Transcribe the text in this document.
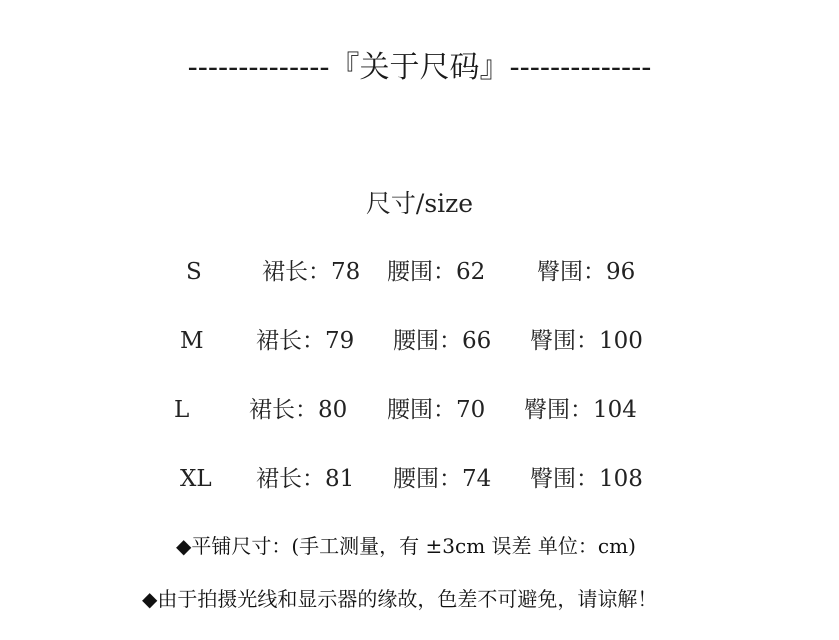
--------------『关于尺码』--------------
尺寸/size
S	裙长：78 腰围：62 臀围：96
M 裙长：79 腰围：66 臀围：100
L	裙长：80 腰围：70 臀围：104
XL 裙长：81 腰围：74 臀围：108
◆平铺尺寸：(手工测量，有 ±3cm 误差 单位：cm)
◆由于拍摄光线和显示器的缘故，色差不可避免，请谅解！
